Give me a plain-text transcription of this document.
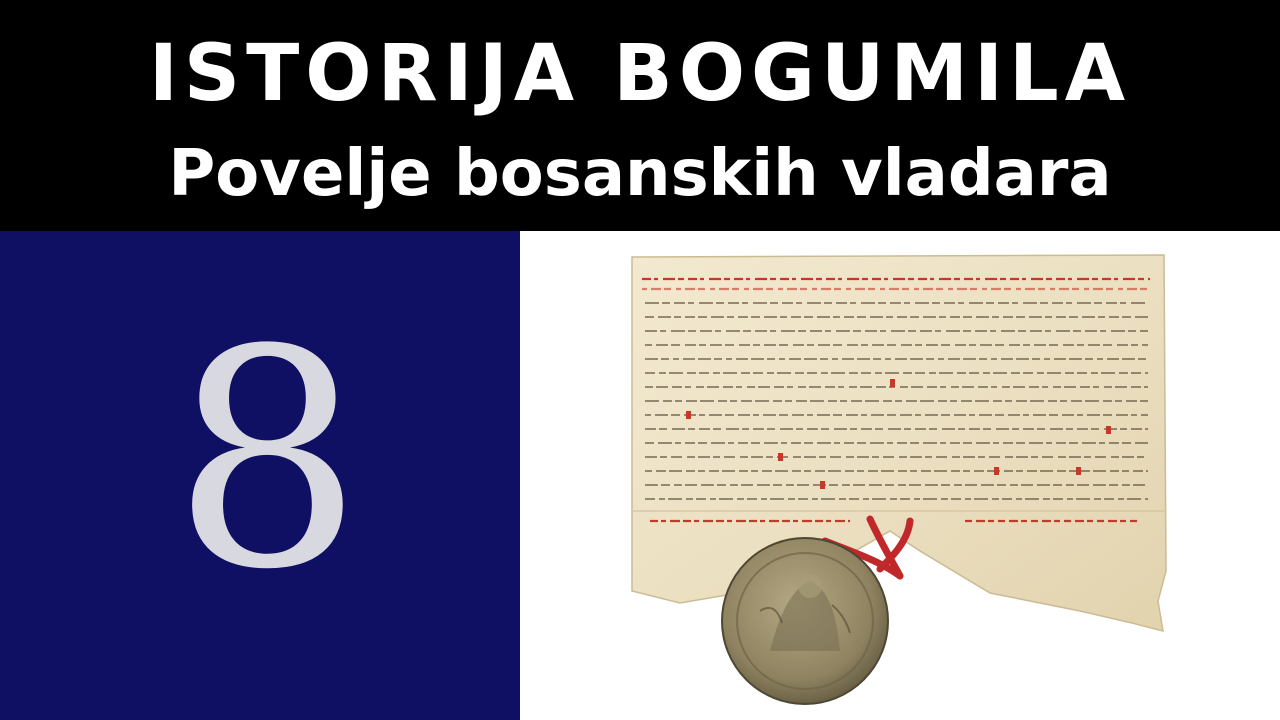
ISTORIJA BOGUMILA
Povelje bosanskih vladara
8
